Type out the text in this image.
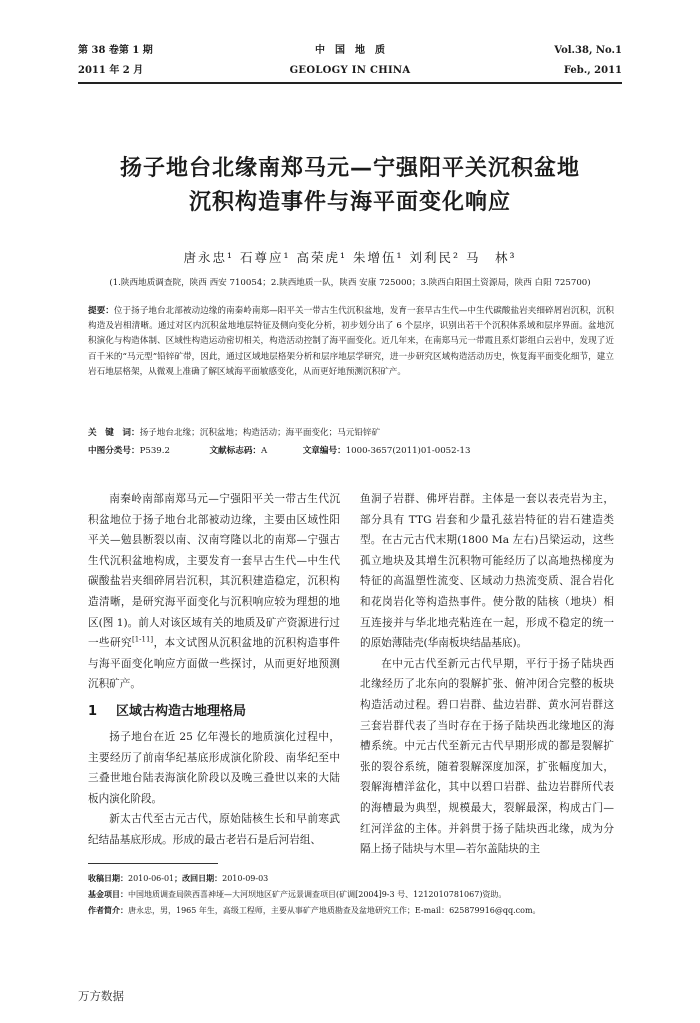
第 38 卷第 1 期
2011 年 2 月
中　国　地　质
GEOLOGY IN CHINA
Vol.38, No.1
Feb., 2011
扬子地台北缘南郑马元—宁强阳平关沉积盆地
沉积构造事件与海平面变化响应
唐永忠¹ 石尊应¹ 高荣虎¹ 朱增伍¹ 刘利民² 马　林³
(1.陕西地质调查院，陕西 西安 710054；2.陕西地质一队，陕西 安康 725000；3.陕西白阳国土资源局，陕西 白阳 725700)
提要：位于扬子地台北部被动边缘的南秦岭南郑—阳平关一带古生代沉积盆地，发育一套早古生代—中生代碳酸盐岩夹细碎屑岩沉积，沉积构造及岩相清晰。通过对区内沉积盆地地层特征及侧向变化分析，初步划分出了 6 个层序，识别出若干个沉积体系域和层序界面。盆地沉积演化与构造体制、区域性构造运动密切相关，构造活动控制了海平面变化。近几年来，在南郑马元一带霞且系灯影组白云岩中，发现了近百千米的“马元型”铅锌矿带，因此，通过区域地层格架分析和层序地层学研究，进一步研究区域构造活动历史，恢复海平面变化细节，建立岩石地层格架，从微观上准确了解区域海平面敏感变化，从而更好地预测沉积矿产。
关　键　词：扬子地台北缘；沉积盆地；构造活动；海平面变化；马元铅锌矿
中图分类号：P539.2	文献标志码：A	文章编号：1000-3657(2011)01-0052-13

南秦岭南部南郑马元—宁强阳平关一带古生代沉积盆地位于扬子地台北部被动边缘，主要由区域性阳平关—勉县断裂以南、汉南穹隆以北的南郑—宁强古生代沉积盆地构成，主要发育一套早古生代—中生代碳酸盐岩夹细碎屑岩沉积，其沉积建造稳定，沉积构造清晰，是研究海平面变化与沉积响应较为理想的地区(图 1)。前人对该区域有关的地质及矿产资源进行过一些研究[1-11]，本文试图从沉积盆地的沉积构造事件与海平面变化响应方面做一些探讨，从而更好地预测沉积矿产。

1 区域古构造古地理格局

扬子地台在近 25 亿年漫长的地质演化过程中，主要经历了前南华纪基底形成演化阶段、南华纪至中三叠世地台陆表海演化阶段以及晚三叠世以来的大陆板内演化阶段。

新太古代至古元古代，原始陆核生长和早前寒武纪结晶基底形成。形成的最古老岩石是后河岩组、

鱼洞子岩群、佛坪岩群。主体是一套以表壳岩为主，部分具有 TTG 岩套和少量孔兹岩特征的岩石建造类型。在古元古代末期(1800 Ma 左右)吕梁运动，这些孤立地块及其增生沉积物可能经历了以高地热梯度为特征的高温塑性流变、区域动力热流变质、混合岩化和花岗岩化等构造热事件。使分散的陆核（地块）相互连接并与华北地壳粘连在一起，形成不稳定的统一的原始薄陆壳(华南板块结晶基底)。

在中元古代至新元古代早期，平行于扬子陆块西北缘经历了北东向的裂解扩张、俯冲闭合完整的板块构造活动过程。碧口岩群、盐边岩群、黄水河岩群这三套岩群代表了当时存在于扬子陆块西北缘地区的海槽系统。中元古代至新元古代早期形成的都是裂解扩张的裂谷系统，随着裂解深度加深，扩张幅度加大，裂解海槽洋盆化，其中以碧口岩群、盐边岩群所代表的海槽最为典型，规模最大，裂解最深，构成古门—红河洋盆的主体。并斜贯于扬子陆块西北缘，成为分隔上扬子陆块与木里—若尔盖陆块的主

收稿日期：2010-06-01；改回日期：2010-09-03
基金项目：中国地质调查局陕西喜神垭—大河坝地区矿产远景调查项目(矿调[2004]9-3 号、1212010781067)资助。
作者简介：唐永忠，男，1965 年生，高级工程师，主要从事矿产地质勘查及盆地研究工作；E-mail：625879916@qq.com。
万方数据
